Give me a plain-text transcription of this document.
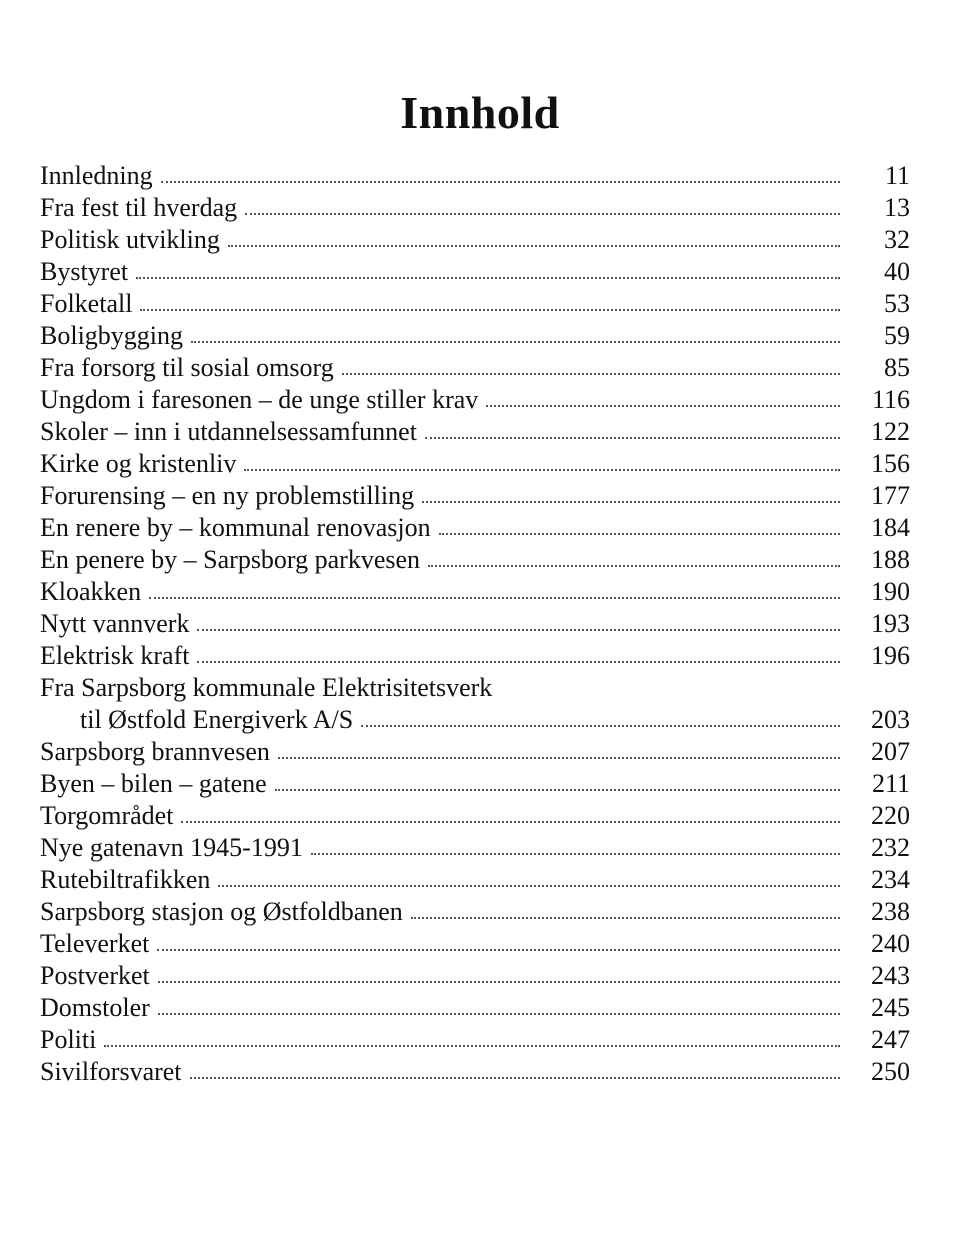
Innhold
Innledning	11
Fra fest til hverdag	13
Politisk utvikling	32
Bystyret	40
Folketall	53
Boligbygging	59
Fra forsorg til sosial omsorg	85
Ungdom i faresonen – de unge stiller krav	116
Skoler – inn i utdannelsessamfunnet	122
Kirke og kristenliv	156
Forurensing – en ny problemstilling	177
En renere by – kommunal renovasjon	184
En penere by – Sarpsborg parkvesen	188
Kloakken	190
Nytt vannverk	193
Elektrisk kraft	196
Fra Sarpsborg kommunale Elektrisitetsverk
til Østfold Energiverk A/S	203
Sarpsborg brannvesen	207
Byen – bilen – gatene	211
Torgområdet	220
Nye gatenavn 1945-1991	232
Rutebiltrafikken	234
Sarpsborg stasjon og Østfoldbanen	238
Televerket	240
Postverket	243
Domstoler	245
Politi	247
Sivilforsvaret	250
